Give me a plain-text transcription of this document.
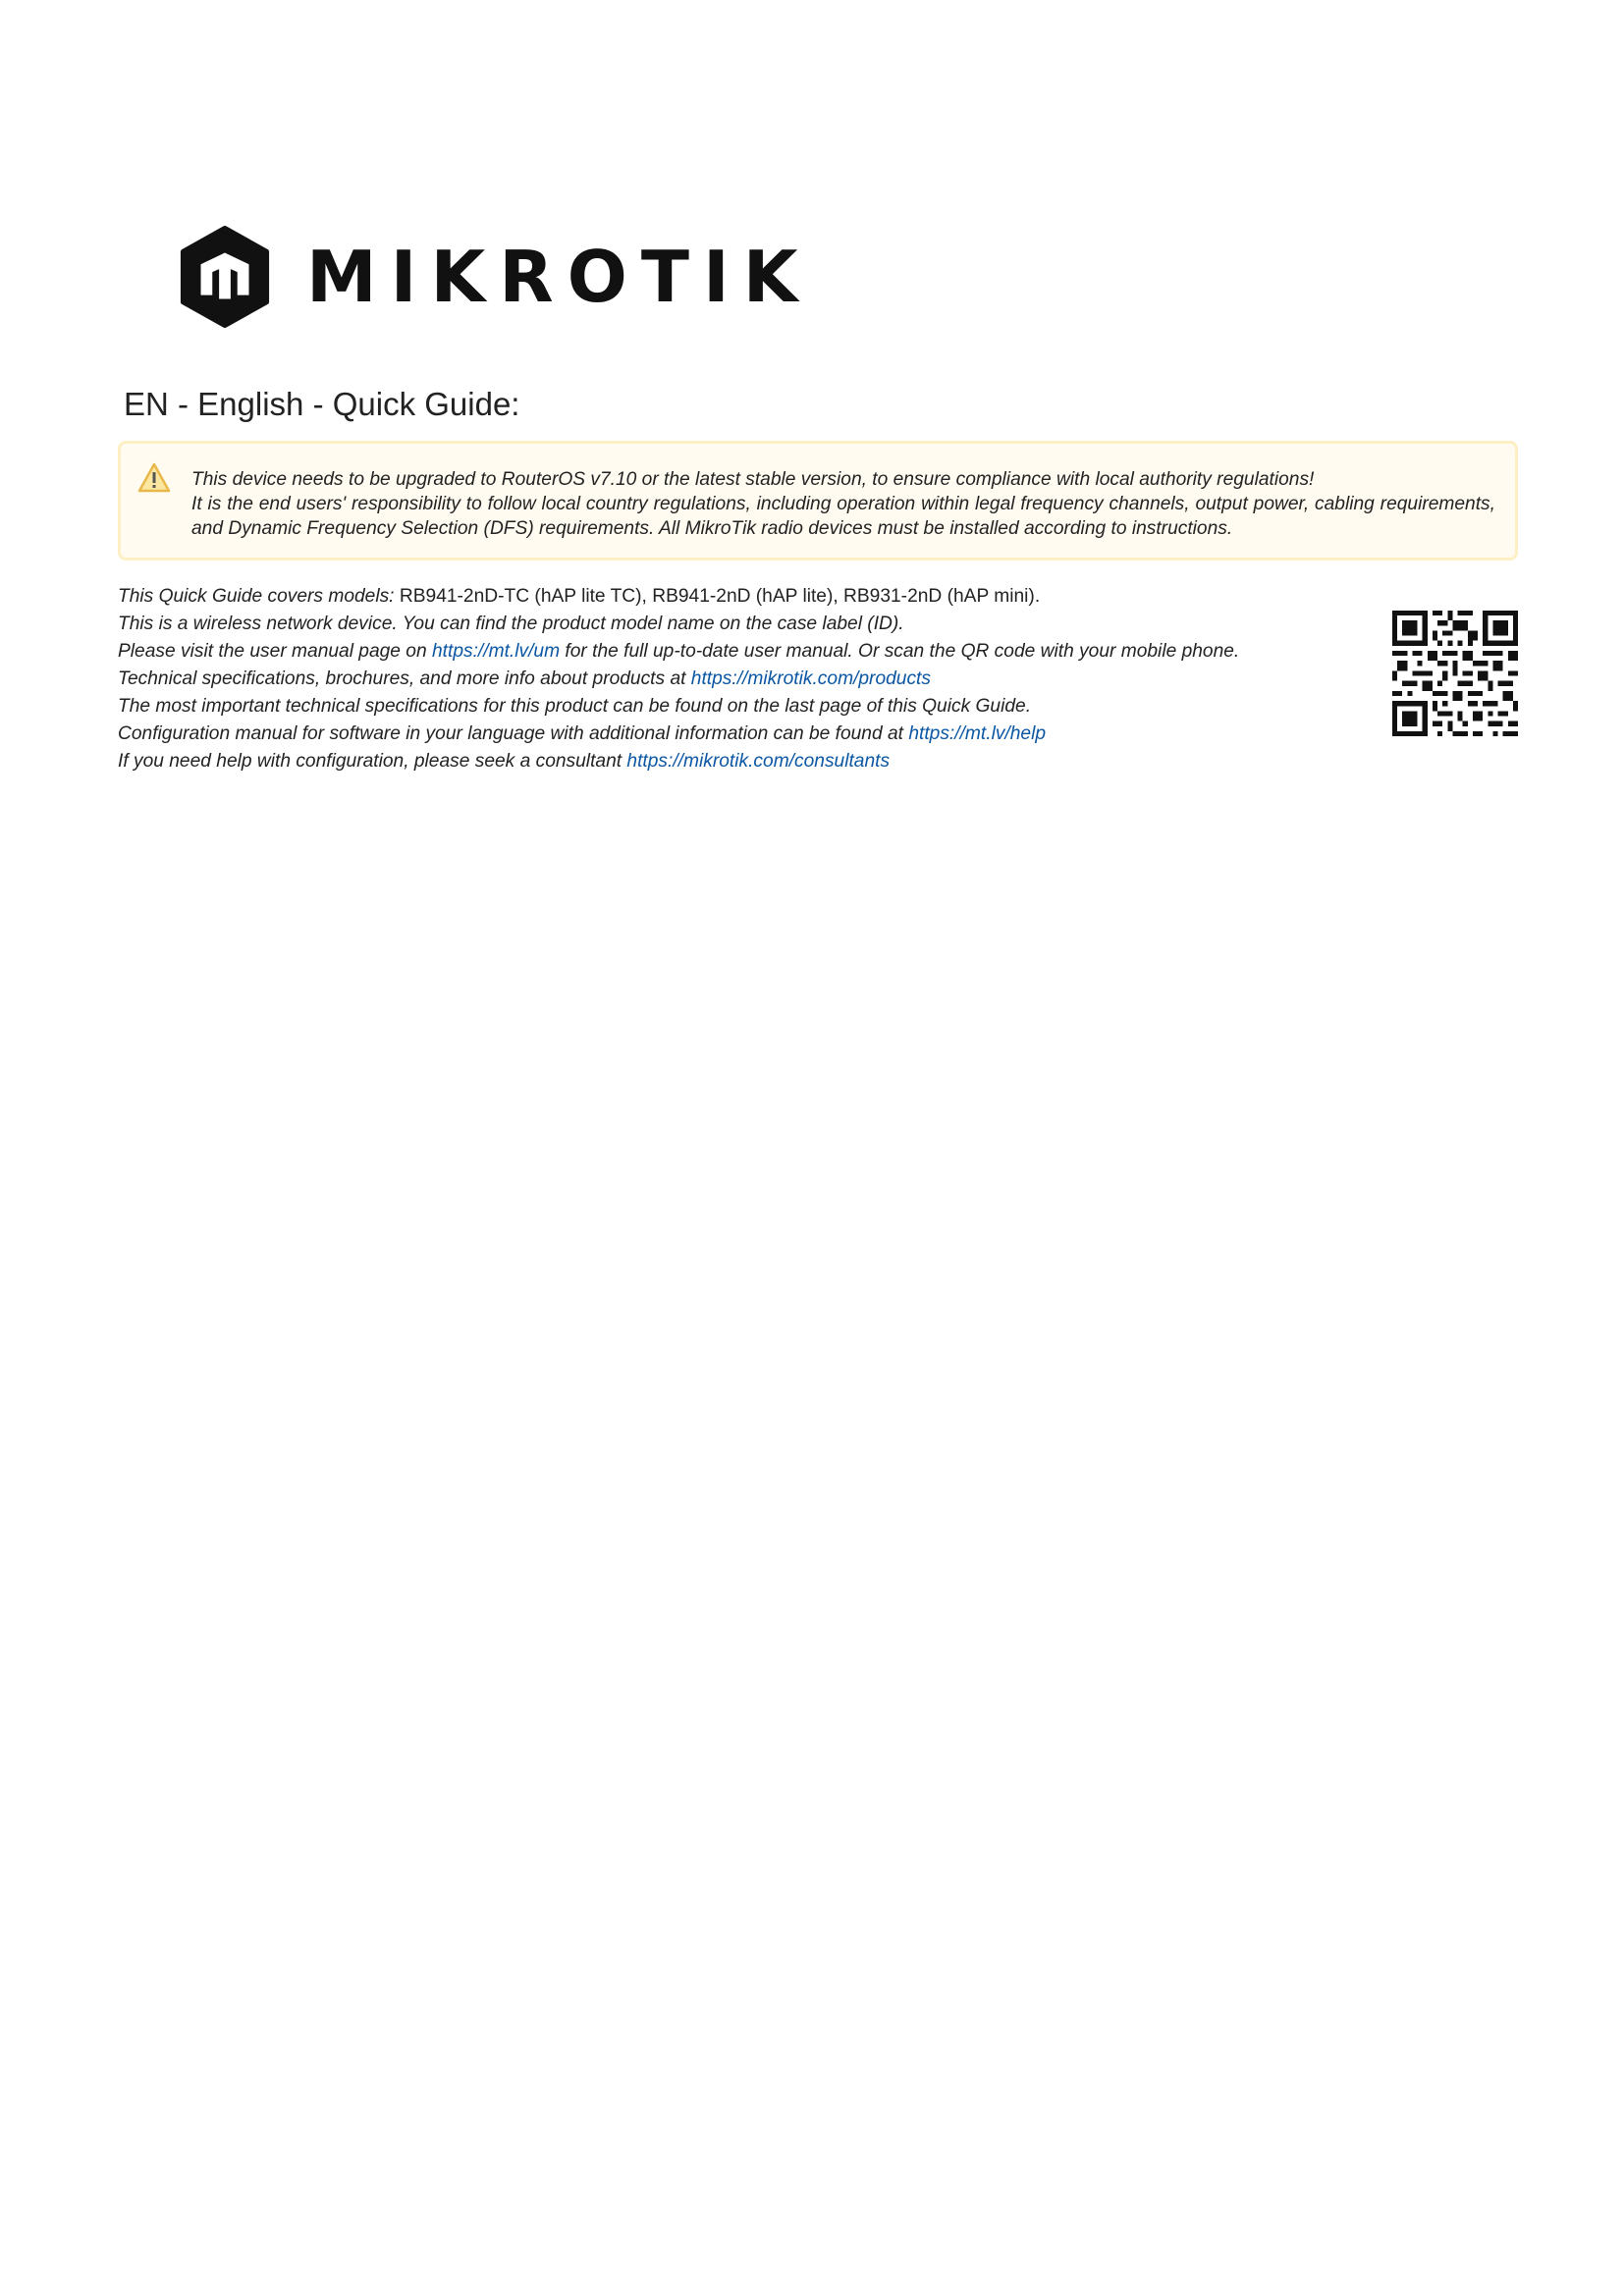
MIKROTIK
EN - English - Quick Guide:

This device needs to be upgraded to RouterOS v7.10 or the latest stable version, to ensure compliance with local authority regulations!

It is the end users' responsibility to follow local country regulations, including operation within legal frequency channels, output power, cabling requirements, and Dynamic Frequency Selection (DFS) requirements. All MikroTik radio devices must be installed according to instructions.

This Quick Guide covers models: RB941-2nD-TC (hAP lite TC), RB941-2nD (hAP lite), RB931-2nD (hAP mini).

This is a wireless network device. You can find the product model name on the case label (ID).

Please visit the user manual page on https://mt.lv/um for the full up-to-date user manual. Or scan the QR code with your mobile phone.

Technical specifications, brochures, and more info about products at https://mikrotik.com/products

The most important technical specifications for this product can be found on the last page of this Quick Guide.

Configuration manual for software in your language with additional information can be found at https://mt.lv/help

If you need help with configuration, please seek a consultant https://mikrotik.com/consultants
